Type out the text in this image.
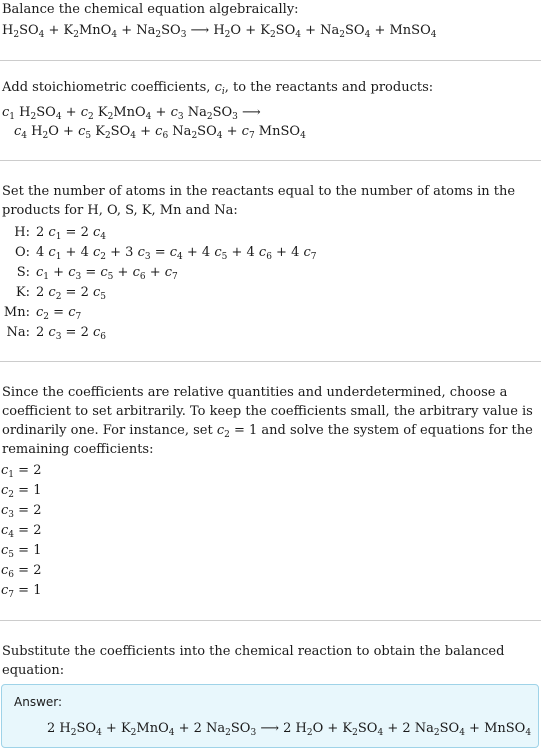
Balance the chemical equation algebraically:
$H_2SO_4 + K_2MnO_4 + Na_2SO_3$ ⟶ $H_2O + K_2SO_4 + Na_2SO_4$ + MnSO$_4$
Add stoichiometric coefficients, $c_i$, to the reactants and products:
$c_1$ $H_2SO_4 + c_2$ $K_2MnO_4 + c_3$ $Na_2SO_3$ ⟶
$c_4$ $H_2O + c_5$ $K_2SO_4 + c_6$ $Na_2SO_4 + c_7$ MnSO$_4$
Set the number of atoms in the reactants equal to the number of atoms in the
products for H, O, S, K, Mn and Na:
H: 2 $c_1 = 2$ $c_4$
O: 4 $c_1 + 4$ $c_2 + 3$ $c_3 = c_4 + 4$ $c_5 + 4$ $c_6 + 4$ $c_7$
S: $c_1 + c_3 = c_5 + c_6 + c_7$
K: 2 $c_2 = 2$ $c_5$
Mn: $c_2 = c_7$
Na: 2 $c_3 = 2$ $c_6$
Since the coefficients are relative quantities and underdetermined, choose a
coefficient to set arbitrarily. To keep the coefficients small, the arbitrary value is
ordinarily one. For instance, set $c_2 = 1$ and solve the system of equations for the
remaining coefficients:
$c_1 = 2$
$c_2 = 1$
$c_3 = 2$
$c_4 = 2$
$c_5 = 1$
$c_6 = 2$
$c_7 = 1$
Substitute the coefficients into the chemical reaction to obtain the balanced
equation:
Answer:
2 $H_2SO_4 + K_2MnO_4 + 2$ $Na_2SO_3$ ⟶ 2 $H_2O + K_2SO_4 + 2$ $Na_2SO_4$ + MnSO$_4$
